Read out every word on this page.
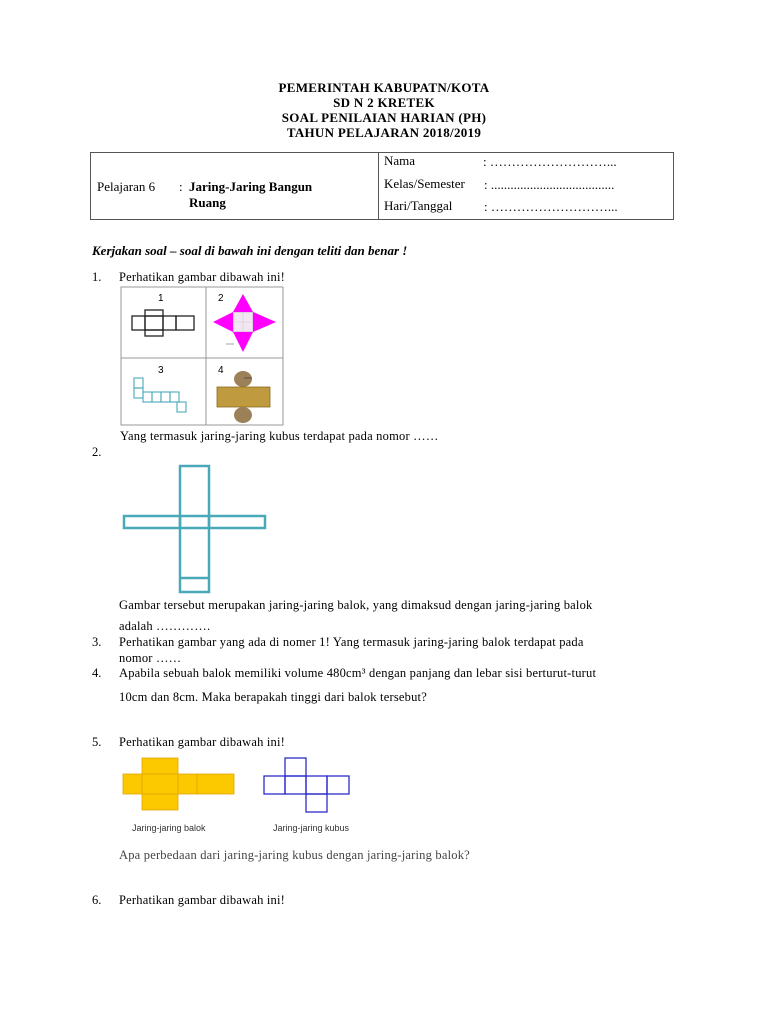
PEMERINTAH KABUPATN/KOTA
SD N 2 KRETEK
SOAL PENILAIAN HARIAN (PH)
TAHUN PELAJARAN 2018/2019
Pelajaran 6 : Jaring-Jaring Bangun
Ruang
Nama	: ………………………...
Kelas/Semester : ......................................
Hari/Tanggal : ………………………...
Kerjakan soal – soal di bawah ini dengan teliti dan benar !
1. Perhatikan gambar dibawah ini!
1	2
3	4
Yang termasuk jaring-jaring kubus terdapat pada nomor ……
2.
Gambar tersebut merupakan jaring-jaring balok, yang dimaksud dengan jaring-jaring balok
adalah ………….
3. Perhatikan gambar yang ada di nomer 1! Yang termasuk jaring-jaring balok terdapat pada
nomor ……
4. Apabila sebuah balok memiliki volume 480cm³ dengan panjang dan lebar sisi berturut-turut
10cm dan 8cm. Maka berapakah tinggi dari balok tersebut?
5. Perhatikan gambar dibawah ini!
Jaring-jaring balok	Jaring-jaring kubus
Apa perbedaan dari jaring-jaring kubus dengan jaring-jaring balok?
6. Perhatikan gambar dibawah ini!
